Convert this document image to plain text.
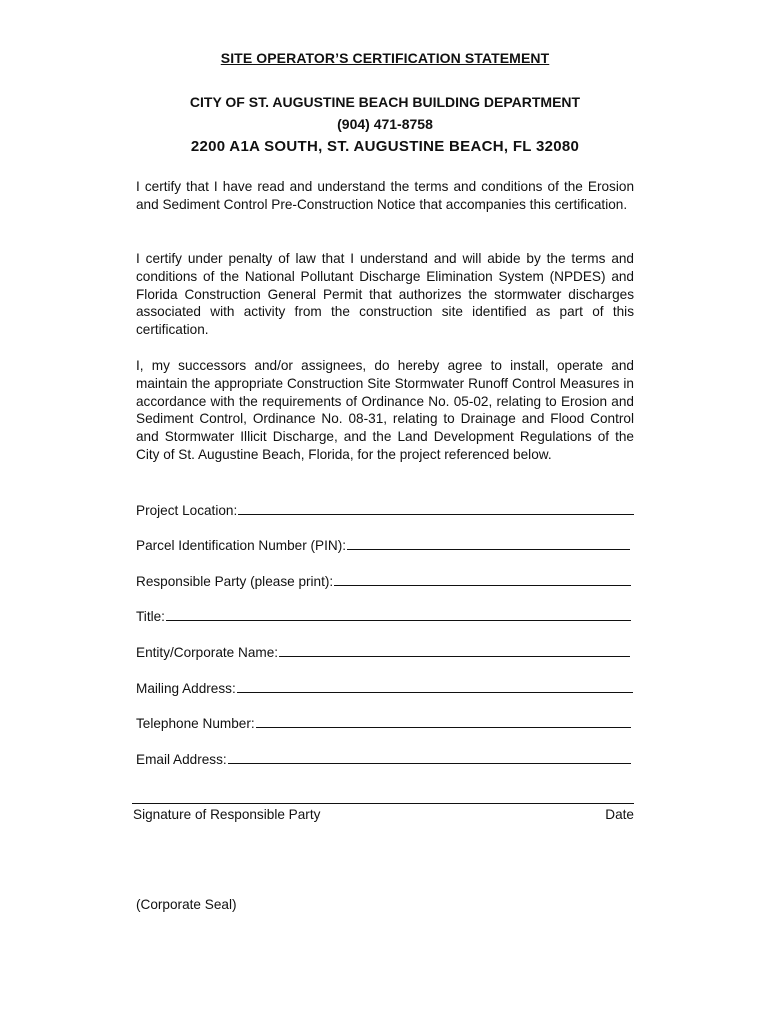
SITE OPERATOR’S CERTIFICATION STATEMENT
CITY OF ST. AUGUSTINE BEACH BUILDING DEPARTMENT
(904) 471-8758
2200 A1A SOUTH, ST. AUGUSTINE BEACH, FL 32080

I certify that I have read and understand the terms and conditions of the Erosion and Sediment Control Pre-Construction Notice that accompanies this certification.

I certify under penalty of law that I understand and will abide by the terms and conditions of the National Pollutant Discharge Elimination System (NPDES) and Florida Construction General Permit that authorizes the stormwater discharges associated with activity from the construction site identified as part of this certification.

I, my successors and/or assignees, do hereby agree to install, operate and maintain the appropriate Construction Site Stormwater Runoff Control Measures in accordance with the requirements of Ordinance No. 05-02, relating to Erosion and Sediment Control, Ordinance No. 08-31, relating to Drainage and Flood Control and Stormwater Illicit Discharge, and the Land Development Regulations of the City of St. Augustine Beach, Florida, for the project referenced below.

Project Location:
Parcel Identification Number (PIN):
Responsible Party (please print):
Title:
Entity/Corporate Name:
Mailing Address:
Telephone Number:
Email Address:
Signature of Responsible Party	Date
(Corporate Seal)
